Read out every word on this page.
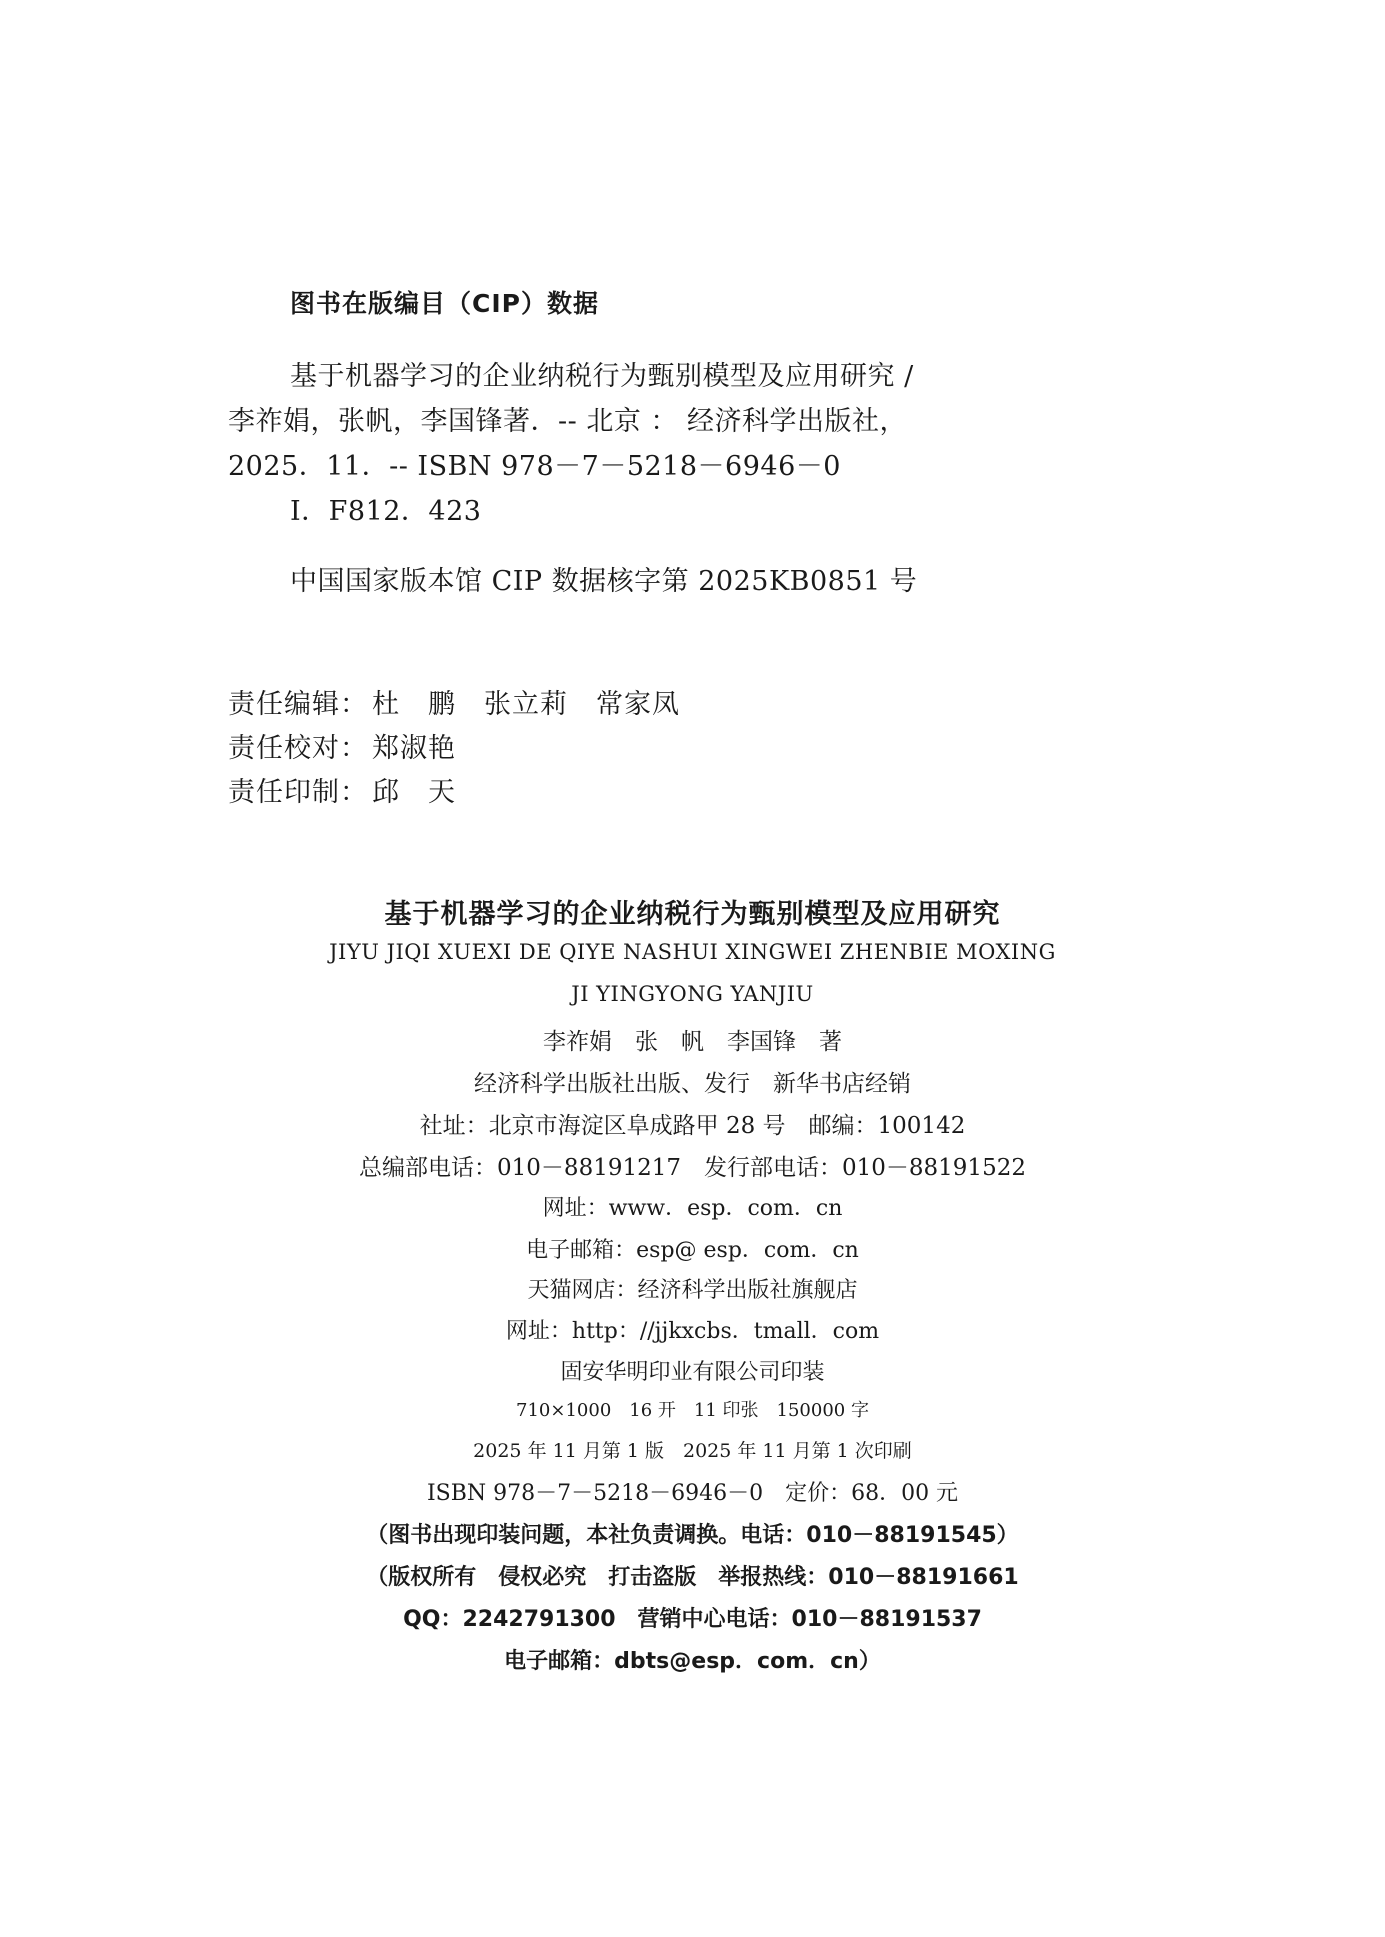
图书在版编目（CIP）数据
基于机器学习的企业纳税行为甄别模型及应用研究 /
李祚娟，张帆，李国锋著．-- 北京 ： 经济科学出版社，
2025．11．-- ISBN 978－7－5218－6946－0
Ⅰ．F812．423
中国国家版本馆 CIP 数据核字第 2025KB0851 号
责任编辑： 杜　鹏　张立莉　常家凤
责任校对： 郑淑艳
责任印制： 邱　天
基于机器学习的企业纳税行为甄别模型及应用研究
JIYU JIQI XUEXI DE QIYE NASHUI XINGWEI ZHENBIE MOXING
JI YINGYONG YANJIU
李祚娟　张　帆　李国锋　著
经济科学出版社出版、发行　新华书店经销
社址：北京市海淀区阜成路甲 28 号　邮编：100142
总编部电话：010－88191217　发行部电话：010－88191522
网址：www．esp．com．cn
电子邮箱：esp@ esp．com．cn
天猫网店：经济科学出版社旗舰店
网址：http：//jjkxcbs．tmall．com
固安华明印业有限公司印装
710×1000　16 开　11 印张　150000 字
2025 年 11 月第 1 版　2025 年 11 月第 1 次印刷
ISBN 978－7－5218－6946－0　定价：68．00 元
（图书出现印装问题，本社负责调换。电话：010－88191545）
（版权所有　侵权必究　打击盗版　举报热线：010－88191661
QQ：2242791300　营销中心电话：010－88191537
电子邮箱：dbts@esp．com．cn）
